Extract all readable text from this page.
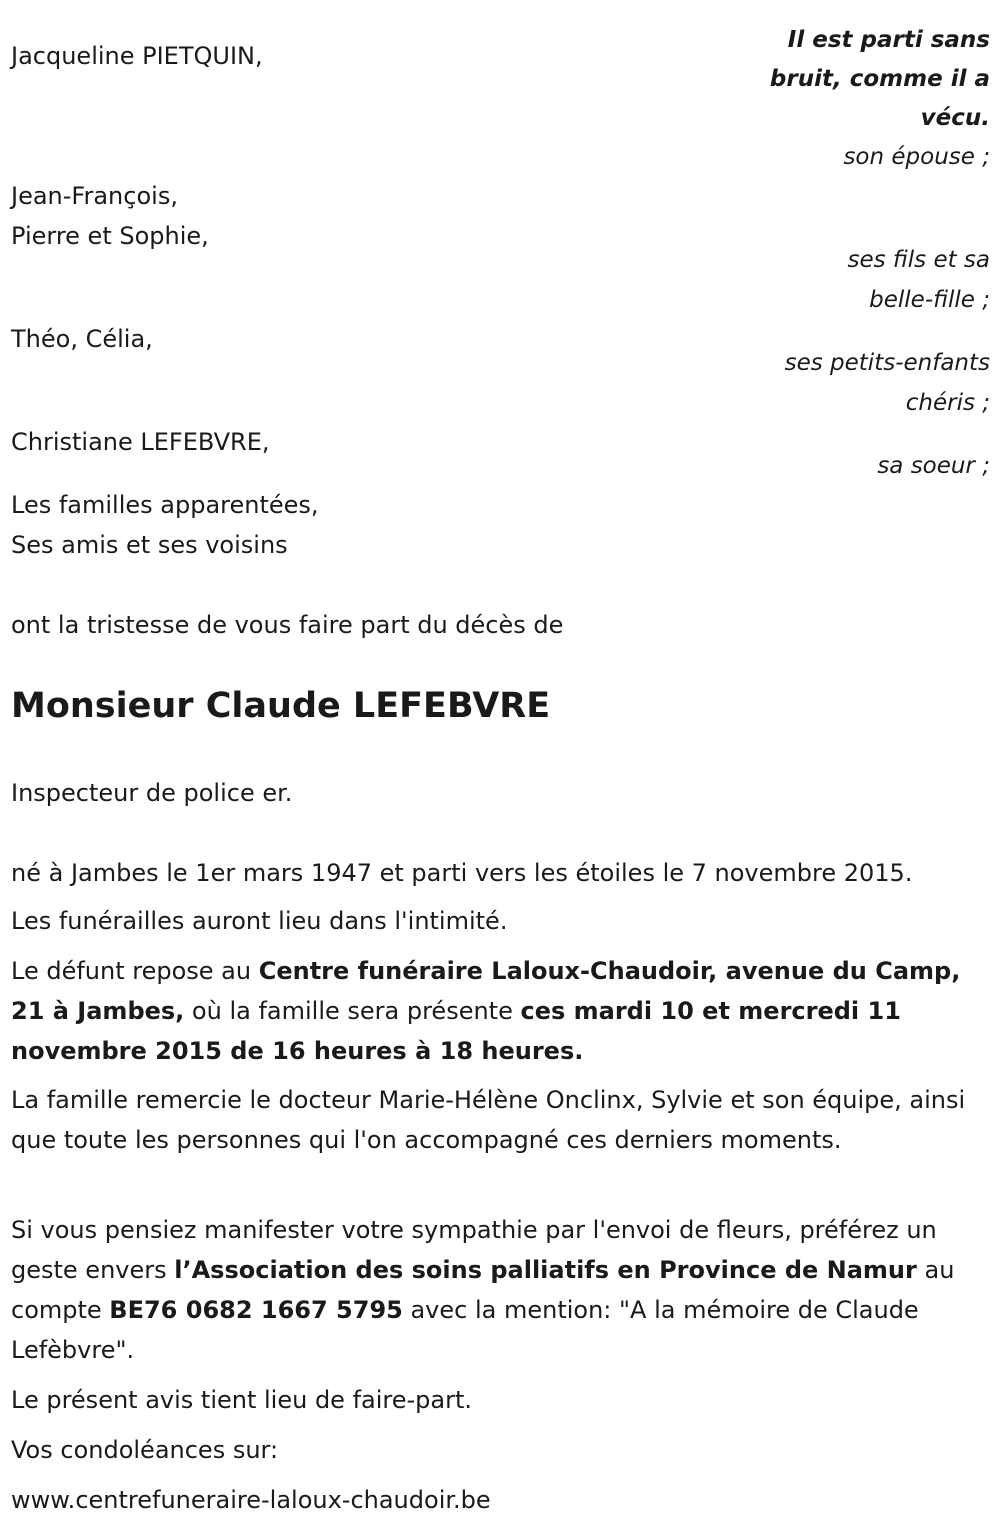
Il est parti sans bruit, comme il a vécu.

Jacqueline PIETQUIN,

son épouse ;

Jean-François,

Pierre et Sophie,

ses fils et sa belle-fille ;

Théo, Célia,

ses petits-enfants chéris ;

Christiane LEFEBVRE,

sa soeur ;

Les familles apparentées,

Ses amis et ses voisins

ont la tristesse de vous faire part du décès de

Monsieur Claude LEFEBVRE

Inspecteur de police er.

né à Jambes le 1er mars 1947 et parti vers les étoiles le 7 novembre 2015.

Les funérailles auront lieu dans l'intimité.

Le défunt repose au Centre funéraire Laloux-Chaudoir, avenue du Camp, 21 à Jambes, où la famille sera présente ces mardi 10 et mercredi 11 novembre 2015 de 16 heures à 18 heures.

La famille remercie le docteur Marie-Hélène Onclinx, Sylvie et son équipe, ainsi que toute les personnes qui l'on accompagné ces derniers moments.

Si vous pensiez manifester votre sympathie par l'envoi de fleurs, préférez un geste envers l’Association des soins palliatifs en Province de Namur au compte BE76 0682 1667 5795 avec la mention: "A la mémoire de Claude Lefèbvre".

Le présent avis tient lieu de faire-part.

Vos condoléances sur:

www.centrefuneraire-laloux-chaudoir.be
